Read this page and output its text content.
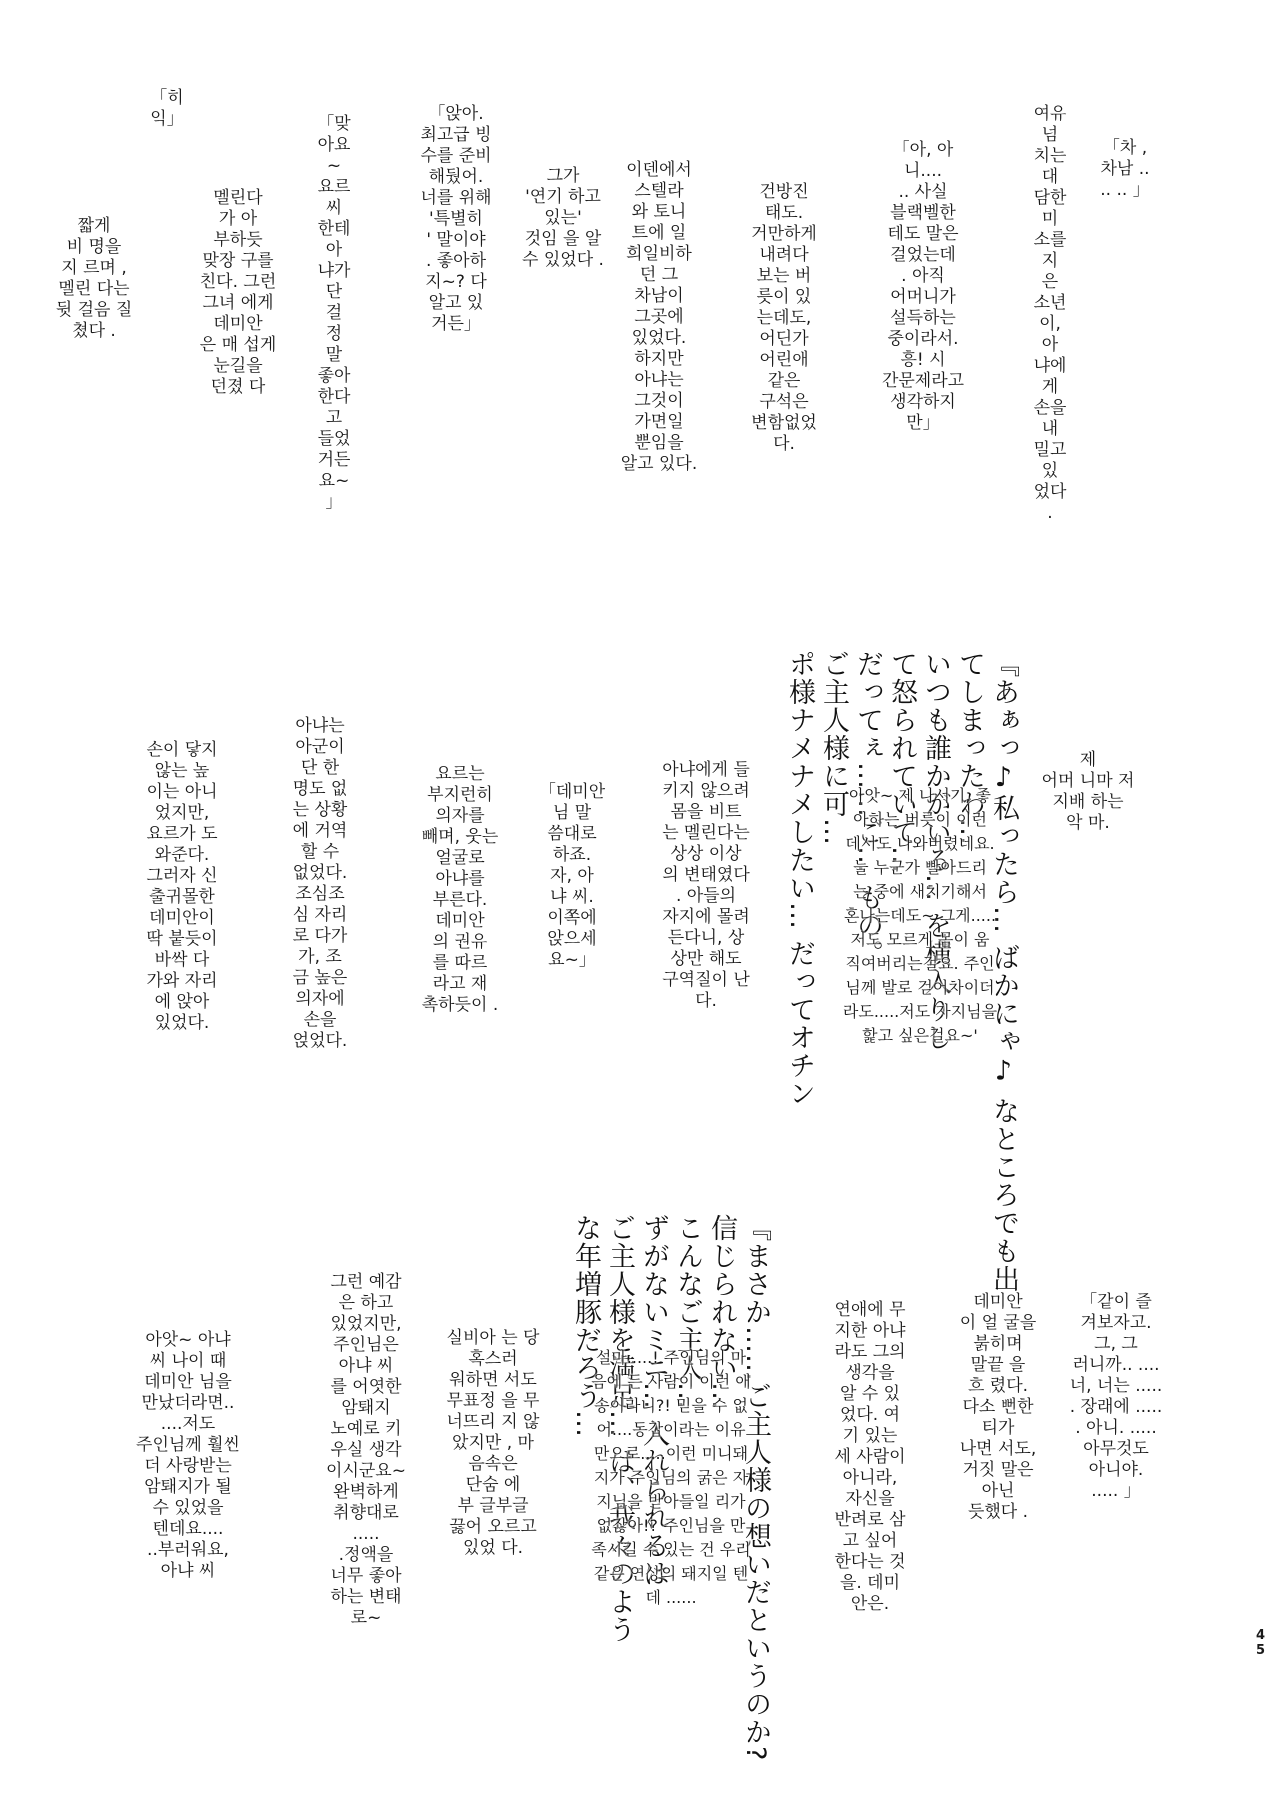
「히
익」
짧게
비 명을
지 르며 ,
멜린 다는
뒷 걸음 질
쳤다 .
멜린다
가 아
부하듯
맞장 구를
친다. 그런
그녀 에게
데미안
은 매 섭게
눈길을
던졌 다
「맞
아요
~
요르
씨
한테
아
냐가
단
걸
정
말
좋아
한다
고
들었
거든
요~
」
「앉아.
최고급 빙
수를 준비
해뒀어.
너를 위해
'특별히
' 말이야
. 좋아하
지~? 다
알고 있
거든」
그가
'연기 하고
있는'
것임 을 알
수 있었다 .
이덴에서
스텔라
와 토니
트에 일
희일비하
던 그
차남이
그곳에
있었다.
하지만
아냐는
그것이
가면일
뿐임을
알고 있다.
건방진
태도.
거만하게
내려다
보는 버
릇이 있
는데도,
어딘가
어린애
같은
구석은
변함없었
다.
「아, 아
니....
.. 사실
블랙벨한
테도 말은
걸었는데
. 아직
어머니가
설득하는
중이라서.
흥! 시
간문제라고
생각하지
만」
여유
넘
치는
대
담한
미
소를
지
은
소년
이,
아
냐에
게
손을
내
밀고
있
었다
.
「차 ,
차남 ..
.. .. 」
손이 닿지
않는 높
이는 아니
었지만,
요르가 도
와준다.
그러자 신
출귀몰한
데미안이
딱 붙듯이
바싹 다
가와 자리
에 앉아
있었다.
아냐는
아군이
단 한
명도 없
는 상황
에 거역
할 수
없었다.
조심조
심 자리
로 다가
가, 조
금 높은
의자에
손을
얹었다.
요르는
부지런히
의자를
빼며, 웃는
얼굴로
아냐를
부른다.
데미안
의 권유
를 따르
라고 재
촉하듯이 .
「데미안
님 말
씀대로
하죠.
자, 아
냐 씨.
이쪽에
앉으세
요~」
아냐에게 들
키지 않으려
몸을 비트
는 멜린다는
상상 이상
의 변태였다
. 아들의
자지에 몰려
든다니, 상
상만 해도
구역질이 난
다.	『あぁっ♪私ったら… ばかにゃ♪ なところでも出
てしまったわ…
いつも誰かがいる… を横入りし
て怒られていて…
だってぇ……ご… もの。
ご主人様に可…
ポ様ナメナメしたい… だってオチン	아앗~ 제 나서기, 좋
아하는 버릇이 이런
데서도 나와버렸네요.
늘 누군가 빨아드리
는 중에 새치기해서
혼나는데도~ 그게.....
저도 모르게 몸이 움
직여버리는걸요. 주인
님께 발로 걷어차이더
라도.....저도 자지님을
핥고 싶은걸요~'
제
어머 니마 저
지배 하는
악 마.
아앗~ 아냐
씨 나이 때
데미안 님을
만났더라면..
....저도
주인님께 훨씬
더 사랑받는
암퇘지가 될
수 있었을
텐데요....
..부러워요,
아냐 씨
그런 예감
은 하고
있었지만,
주인님은
아냐 씨
를 어엿한
암퇘지
노예로 키
우실 생각
이시군요~
완벽하게
취향대로
.....
.정액을
너무 좋아
하는 변태
로~
실비아 는 당
혹스러
워하면 서도
무표정 을 무
너뜨리 지 않
았지만 , 마
음속은
단숨 에
부 글부글
끓어 오르고
있었 다.	『まさか……ご主人様の想いだというのか?
信じられない…
こんなご主人…
ずがないミニ… 入れられるは
ご主人様を満足… は、我々のよう
な年増豚だろう…
설마.....! 주인님의 마
음에 든 사람이 이런 애
송이라니?! 믿을 수 없
어....동갑이라는 이유
만으로.....이런 미니돼
지가 주인님의 굵은 자
지님을 받아들일 리가
없잖아!? 주인님을 만
족시킬 수 있는 건 우리
같은 연상의 돼지일 텐
데 ......
연애에 무
지한 아냐
라도 그의
생각을
알 수 있
었다. 여
기 있는
세 사람이
아니라,
자신을
반려로 삼
고 싶어
한다는 것
을. 데미
안은.
데미안
이 얼 굴을
붉히며
말끝 을
흐 렸다.
다소 뻔한
티가
나면 서도,
거짓 말은
아닌
듯했다 .
「같이 즐
겨보자고.
그, 그
러니까.. ....
너, 너는 .....
. 장래에 .....
. 아니. .....
아무것도
아니야.
..... 」
4
5
